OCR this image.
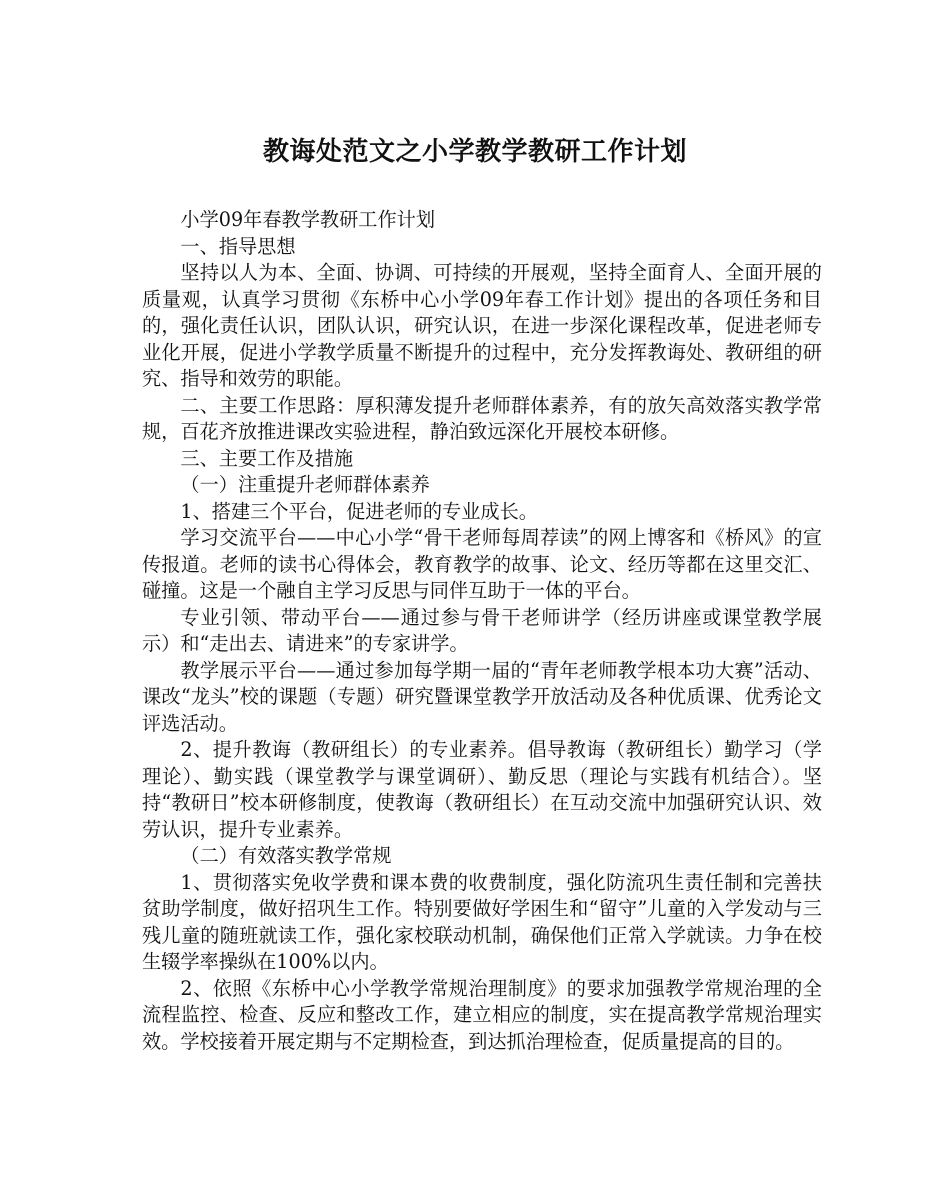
教诲处范文之小学教学教研工作计划

小学09年春教学教研工作计划

一、指导思想

坚持以人为本、全面、协调、可持续的开展观，坚持全面育人、全面开展的质量观，认真学习贯彻《东桥中心小学09年春工作计划》提出的各项任务和目的，强化责任认识，团队认识，研究认识，在进一步深化课程改革，促进老师专业化开展，促进小学教学质量不断提升的过程中，充分发挥教诲处、教研组的研究、指导和效劳的职能。

二、主要工作思路：厚积薄发提升老师群体素养，有的放矢高效落实教学常规，百花齐放推进课改实验进程，静泊致远深化开展校本研修。

三、主要工作及措施

（一）注重提升老师群体素养

1、搭建三个平台，促进老师的专业成长。

学习交流平台——中心小学“骨干老师每周荐读”的网上博客和《桥风》的宣传报道。老师的读书心得体会，教育教学的故事、论文、经历等都在这里交汇、碰撞。这是一个融自主学习反思与同伴互助于一体的平台。

专业引领、带动平台——通过参与骨干老师讲学（经历讲座或课堂教学展示）和“走出去、请进来”的专家讲学。

教学展示平台——通过参加每学期一届的“青年老师教学根本功大赛”活动、课改“龙头”校的课题（专题）研究暨课堂教学开放活动及各种优质课、优秀论文评选活动。

2、提升教诲（教研组长）的专业素养。倡导教诲（教研组长）勤学习（学理论）、勤实践（课堂教学与课堂调研）、勤反思（理论与实践有机结合）。坚持“教研日”校本研修制度，使教诲（教研组长）在互动交流中加强研究认识、效劳认识，提升专业素养。

（二）有效落实教学常规

1、贯彻落实免收学费和课本费的收费制度，强化防流巩生责任制和完善扶贫助学制度，做好招巩生工作。特别要做好学困生和“留守”儿童的入学发动与三残儿童的随班就读工作，强化家校联动机制，确保他们正常入学就读。力争在校生辍学率操纵在100%以内。

2、依照《东桥中心小学教学常规治理制度》的要求加强教学常规治理的全流程监控、检查、反应和整改工作，建立相应的制度，实在提高教学常规治理实效。学校接着开展定期与不定期检查，到达抓治理检查，促质量提高的目的。
